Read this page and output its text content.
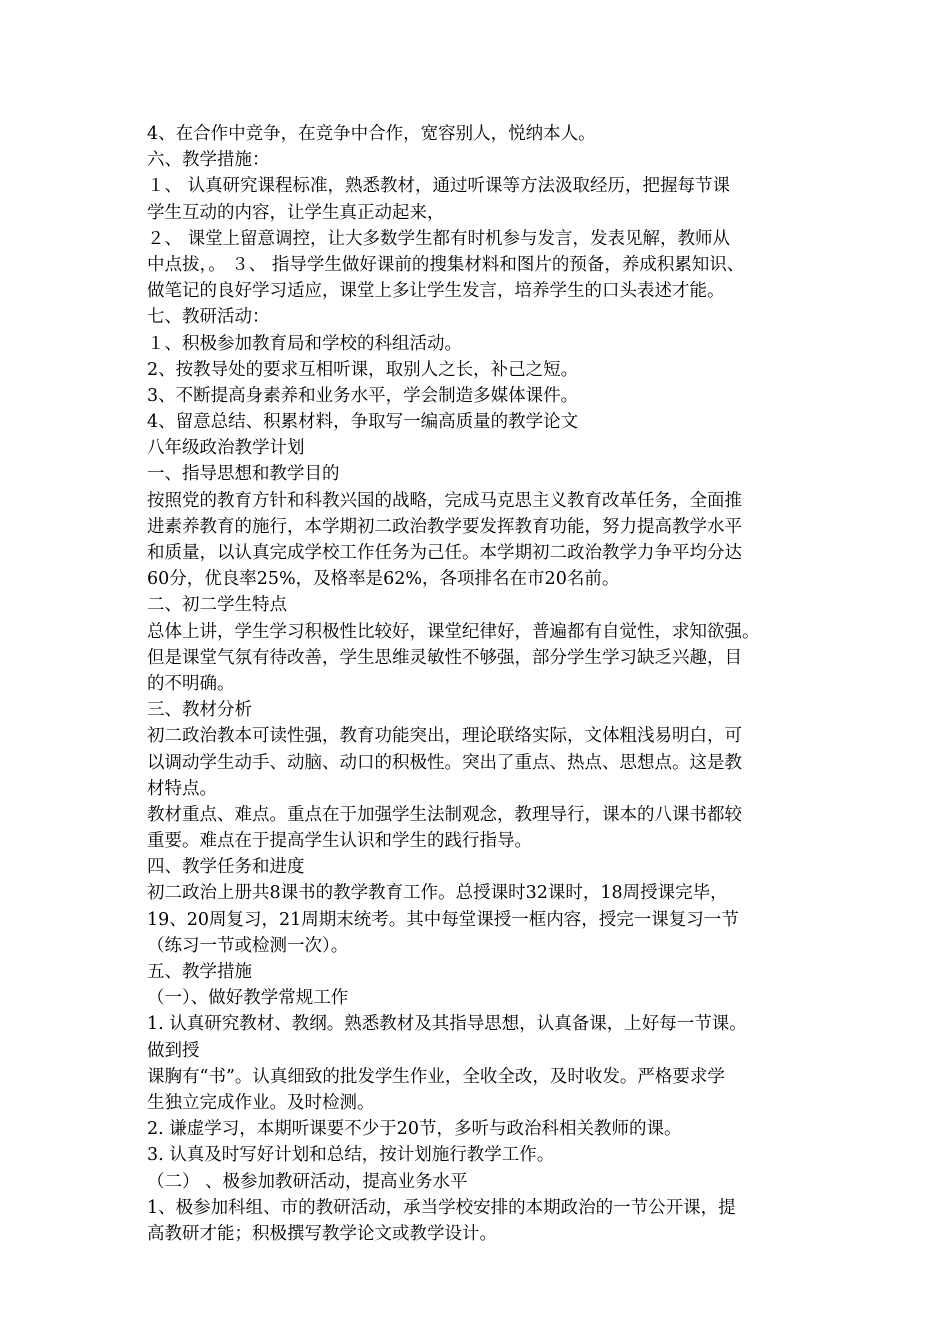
4、在合作中竞争，在竞争中合作，宽容别人，悦纳本人。
六、教学措施：
１、 认真研究课程标准，熟悉教材，通过听课等方法汲取经历，把握每节课
学生互动的内容，让学生真正动起来，
２、 课堂上留意调控，让大多数学生都有时机参与发言，发表见解，教师从
中点拔，。 ３、 指导学生做好课前的搜集材料和图片的预备，养成积累知识、
做笔记的良好学习适应，课堂上多让学生发言，培养学生的口头表述才能。
七、教研活动：
１、积极参加教育局和学校的科组活动。
2、按教导处的要求互相听课，取别人之长，补己之短。
3、不断提高身素养和业务水平，学会制造多媒体课件。
4、留意总结、积累材料，争取写一编高质量的教学论文
八年级政治教学计划
一、指导思想和教学目的
按照党的教育方针和科教兴国的战略，完成马克思主义教育改革任务，全面推
进素养教育的施行，本学期初二政治教学要发挥教育功能，努力提高教学水平
和质量，以认真完成学校工作任务为己任。本学期初二政治教学力争平均分达
60分，优良率25%，及格率是62%，各项排名在市20名前。
二、初二学生特点
总体上讲，学生学习积极性比较好，课堂纪律好，普遍都有自觉性，求知欲强。
但是课堂气氛有待改善，学生思维灵敏性不够强，部分学生学习缺乏兴趣，目
的不明确。
三、教材分析
初二政治教本可读性强，教育功能突出，理论联络实际，文体粗浅易明白，可
以调动学生动手、动脑、动口的积极性。突出了重点、热点、思想点。这是教
材特点。
教材重点、难点。重点在于加强学生法制观念，教理导行，课本的八课书都较
重要。难点在于提高学生认识和学生的践行指导。
四、教学任务和进度
初二政治上册共8课书的教学教育工作。总授课时32课时，18周授课完毕，
19、20周复习，21周期末统考。其中每堂课授一框内容，授完一课复习一节
（练习一节或检测一次）。
五、教学措施
（一）、做好教学常规工作
1. 认真研究教材、教纲。熟悉教材及其指导思想，认真备课，上好每一节课。
做到授
课胸有“书”。认真细致的批发学生作业，全收全改，及时收发。严格要求学
生独立完成作业。及时检测。
2. 谦虚学习，本期听课要不少于20节，多听与政治科相关教师的课。
3. 认真及时写好计划和总结，按计划施行教学工作。
（二） 、极参加教研活动，提高业务水平
1、极参加科组、市的教研活动，承当学校安排的本期政治的一节公开课，提
高教研才能；积极撰写教学论文或教学设计。
